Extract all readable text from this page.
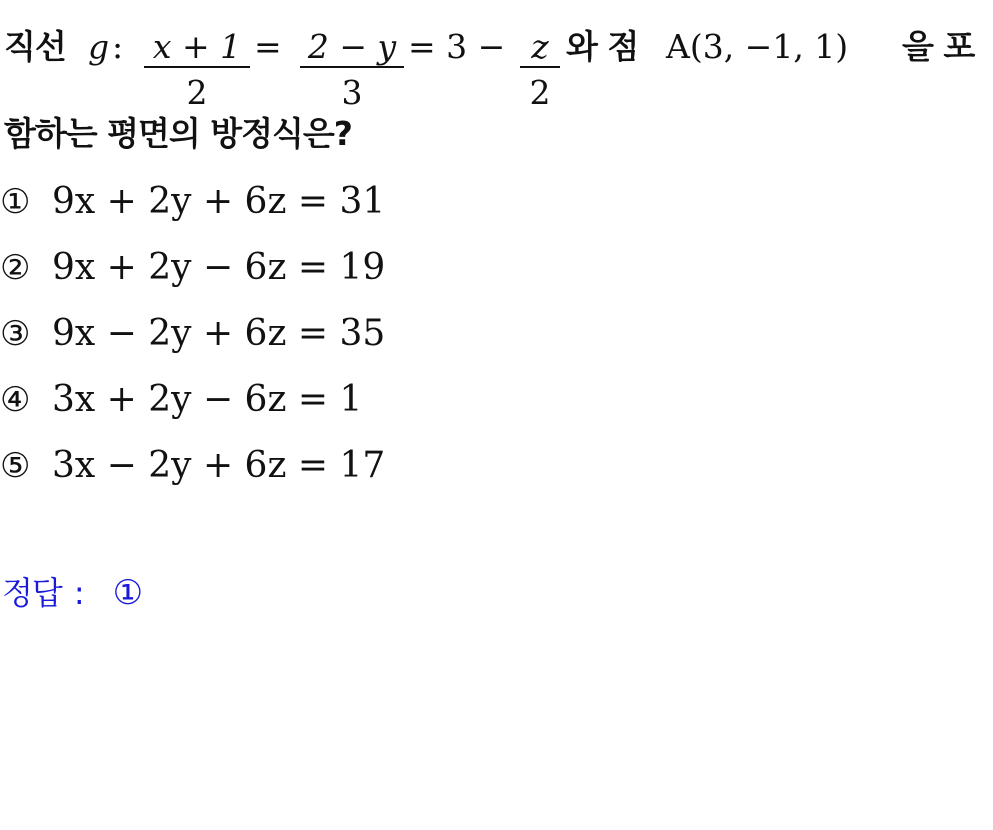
직선 g : x + 1
2
= 2 − y
3
= 3 − z
2
와 점 A(3, −1, 1) 을 포
함하는 평면의 방정식은?
① 9x + 2y + 6z = 31
② 9x + 2y − 6z = 19
③ 9x − 2y + 6z = 35
④ 3x + 2y − 6z = 1
⑤ 3x − 2y + 6z = 17
정답 : ①
